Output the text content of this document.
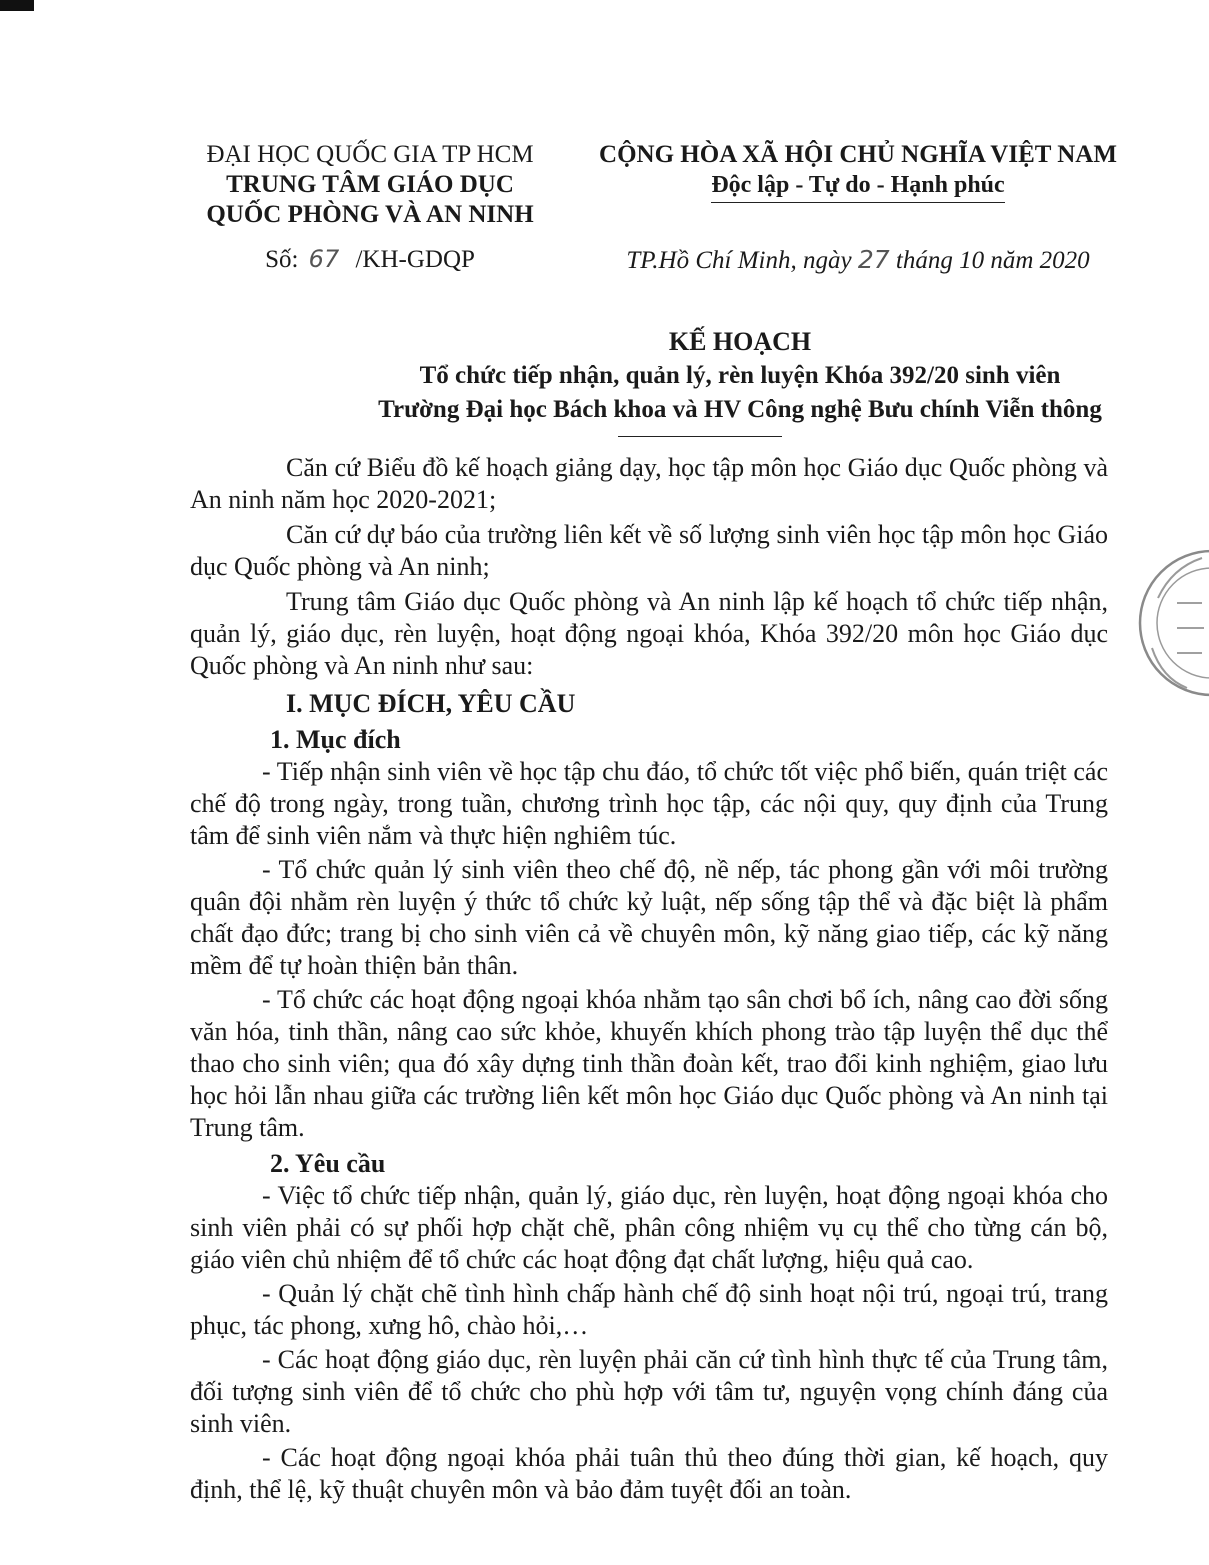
ĐẠI HỌC QUỐC GIA TP HCM
TRUNG TÂM GIÁO DỤC
QUỐC PHÒNG VÀ AN NINH
Số: 67 /KH-GDQP
CỘNG HÒA XÃ HỘI CHỦ NGHĨA VIỆT NAM
Độc lập - Tự do - Hạnh phúc
TP.Hồ Chí Minh, ngày 27 tháng 10 năm 2020
KẾ HOẠCH
Tổ chức tiếp nhận, quản lý, rèn luyện Khóa 392/20 sinh viên
Trường Đại học Bách khoa và HV Công nghệ Bưu chính Viễn thông

Căn cứ Biểu đồ kế hoạch giảng dạy, học tập môn học Giáo dục Quốc phòng và An ninh năm học 2020-2021;

Căn cứ dự báo của trường liên kết về số lượng sinh viên học tập môn học Giáo dục Quốc phòng và An ninh;

Trung tâm Giáo dục Quốc phòng và An ninh lập kế hoạch tổ chức tiếp nhận, quản lý, giáo dục, rèn luyện, hoạt động ngoại khóa, Khóa 392/20 môn học Giáo dục Quốc phòng và An ninh như sau:

I. MỤC ĐÍCH, YÊU CẦU
1. Mục đích

- Tiếp nhận sinh viên về học tập chu đáo, tổ chức tốt việc phổ biến, quán triệt các chế độ trong ngày, trong tuần, chương trình học tập, các nội quy, quy định của Trung tâm để sinh viên nắm và thực hiện nghiêm túc.

- Tổ chức quản lý sinh viên theo chế độ, nề nếp, tác phong gần với môi trường quân đội nhằm rèn luyện ý thức tổ chức kỷ luật, nếp sống tập thể và đặc biệt là phẩm chất đạo đức; trang bị cho sinh viên cả về chuyên môn, kỹ năng giao tiếp, các kỹ năng mềm để tự hoàn thiện bản thân.

- Tổ chức các hoạt động ngoại khóa nhằm tạo sân chơi bổ ích, nâng cao đời sống văn hóa, tinh thần, nâng cao sức khỏe, khuyến khích phong trào tập luyện thể dục thể thao cho sinh viên; qua đó xây dựng tinh thần đoàn kết, trao đổi kinh nghiệm, giao lưu học hỏi lẫn nhau giữa các trường liên kết môn học Giáo dục Quốc phòng và An ninh tại Trung tâm.

2. Yêu cầu

- Việc tổ chức tiếp nhận, quản lý, giáo dục, rèn luyện, hoạt động ngoại khóa cho sinh viên phải có sự phối hợp chặt chẽ, phân công nhiệm vụ cụ thể cho từng cán bộ, giáo viên chủ nhiệm để tổ chức các hoạt động đạt chất lượng, hiệu quả cao.

- Quản lý chặt chẽ tình hình chấp hành chế độ sinh hoạt nội trú, ngoại trú, trang phục, tác phong, xưng hô, chào hỏi,…

- Các hoạt động giáo dục, rèn luyện phải căn cứ tình hình thực tế của Trung tâm, đối tượng sinh viên để tổ chức cho phù hợp với tâm tư, nguyện vọng chính đáng của sinh viên.

- Các hoạt động ngoại khóa phải tuân thủ theo đúng thời gian, kế hoạch, quy định, thể lệ, kỹ thuật chuyên môn và bảo đảm tuyệt đối an toàn.
